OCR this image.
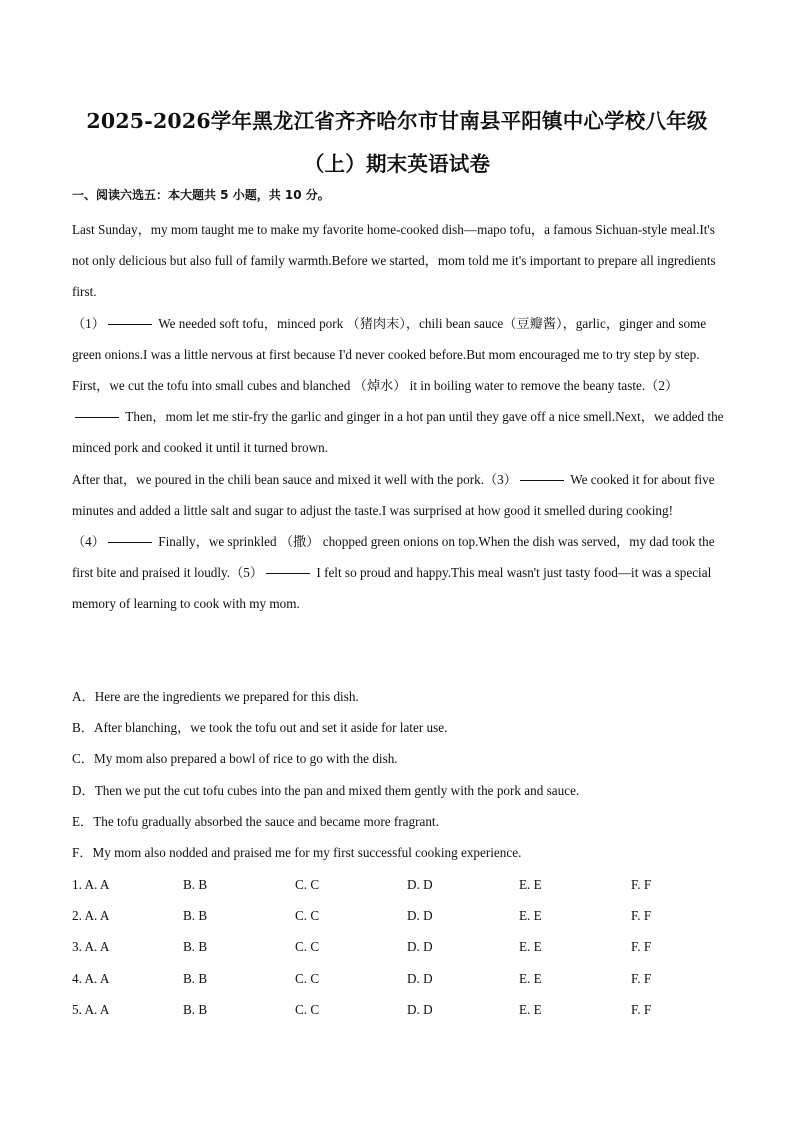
2025-2026学年黑龙江省齐齐哈尔市甘南县平阳镇中心学校八年级
（上）期末英语试卷
一、阅读六选五：本大题共 5 小题，共 10 分。

Last Sunday，my mom taught me to make my favorite home-cooked dish—mapo tofu，a famous Sichuan-style meal.It's not only delicious but also full of family warmth.Before we started，mom told me it's important to prepare all ingredients first.

（1）	We needed soft tofu，minced pork （猪肉末），chili bean sauce（豆瓣酱），garlic，ginger and some green onions.I was a little nervous at first because I'd never cooked before.But mom encouraged me to try step by step.

First，we cut the tofu into small cubes and blanched （焯水） it in boiling water to remove the beany taste.（2） Then，mom let me stir-fry the garlic and ginger in a hot pan until they gave off a nice smell.Next，we added the minced pork and cooked it until it turned brown.

After that，we poured in the chili bean sauce and mixed it well with the pork.（3）	We cooked it for about five minutes and added a little salt and sugar to adjust the taste.I was surprised at how good it smelled during cooking!

（4）	Finally，we sprinkled （撒） chopped green onions on top.When the dish was served，my dad took the first bite and praised it loudly.（5）	I felt so proud and happy.This meal wasn't just tasty food—it was a special memory of learning to cook with my mom.

A．Here are the ingredients we prepared for this dish.
B．After blanching，we took the tofu out and set it aside for later use.
C．My mom also prepared a bowl of rice to go with the dish.
D．Then we put the cut tofu cubes into the pan and mixed them gently with the pork and sauce.
E．The tofu gradually absorbed the sauce and became more fragrant.
F．My mom also nodded and praised me for my first successful cooking experience.
1. A. A	B. B	C. C	D. D	E. E	F. F
2. A. A	B. B	C. C	D. D	E. E	F. F
3. A. A	B. B	C. C	D. D	E. E	F. F
4. A. A	B. B	C. C	D. D	E. E	F. F
5. A. A	B. B	C. C	D. D	E. E	F. F
